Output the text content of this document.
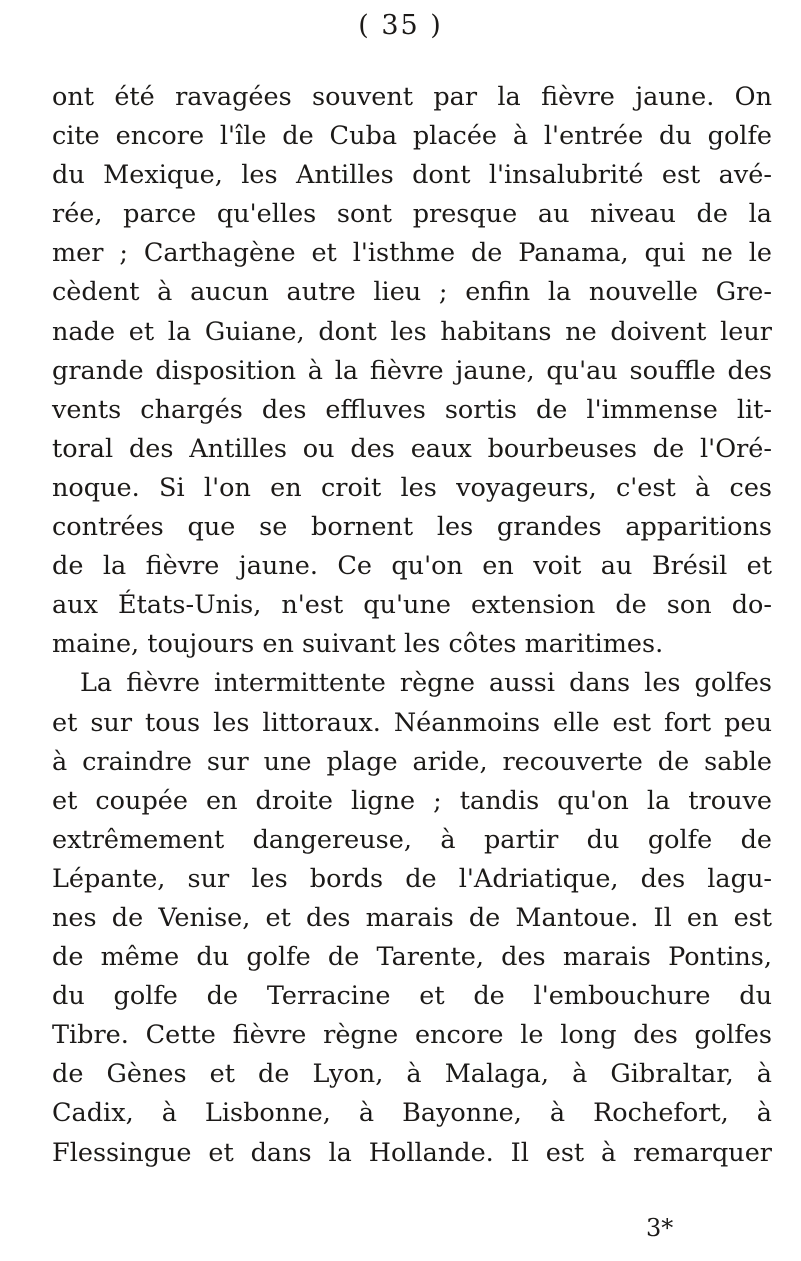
( 35 )
ont été ravagées souvent par la fièvre jaune. On
cite encore l'île de Cuba placée à l'entrée du golfe
du Mexique, les Antilles dont l'insalubrité est avé-
rée, parce qu'elles sont presque au niveau de la
mer ; Carthagène et l'isthme de Panama, qui ne le
cèdent à aucun autre lieu ; enfin la nouvelle Gre-
nade et la Guiane, dont les habitans ne doivent leur
grande disposition à la fièvre jaune, qu'au souffle des
vents chargés des effluves sortis de l'immense lit-
toral des Antilles ou des eaux bourbeuses de l'Oré-
noque. Si l'on en croit les voyageurs, c'est à ces
contrées que se bornent les grandes apparitions
de la fièvre jaune. Ce qu'on en voit au Brésil et
aux États-Unis, n'est qu'une extension de son do-
maine, toujours en suivant les côtes maritimes.
La fièvre intermittente règne aussi dans les golfes
et sur tous les littoraux. Néanmoins elle est fort peu
à craindre sur une plage aride, recouverte de sable
et coupée en droite ligne ; tandis qu'on la trouve
extrêmement dangereuse, à partir du golfe de
Lépante, sur les bords de l'Adriatique, des lagu-
nes de Venise, et des marais de Mantoue. Il en est
de même du golfe de Tarente, des marais Pontins,
du golfe de Terracine et de l'embouchure du
Tibre. Cette fièvre règne encore le long des golfes
de Gènes et de Lyon, à Malaga, à Gibraltar, à
Cadix, à Lisbonne, à Bayonne, à Rochefort, à
Flessingue et dans la Hollande. Il est à remarquer
3*
